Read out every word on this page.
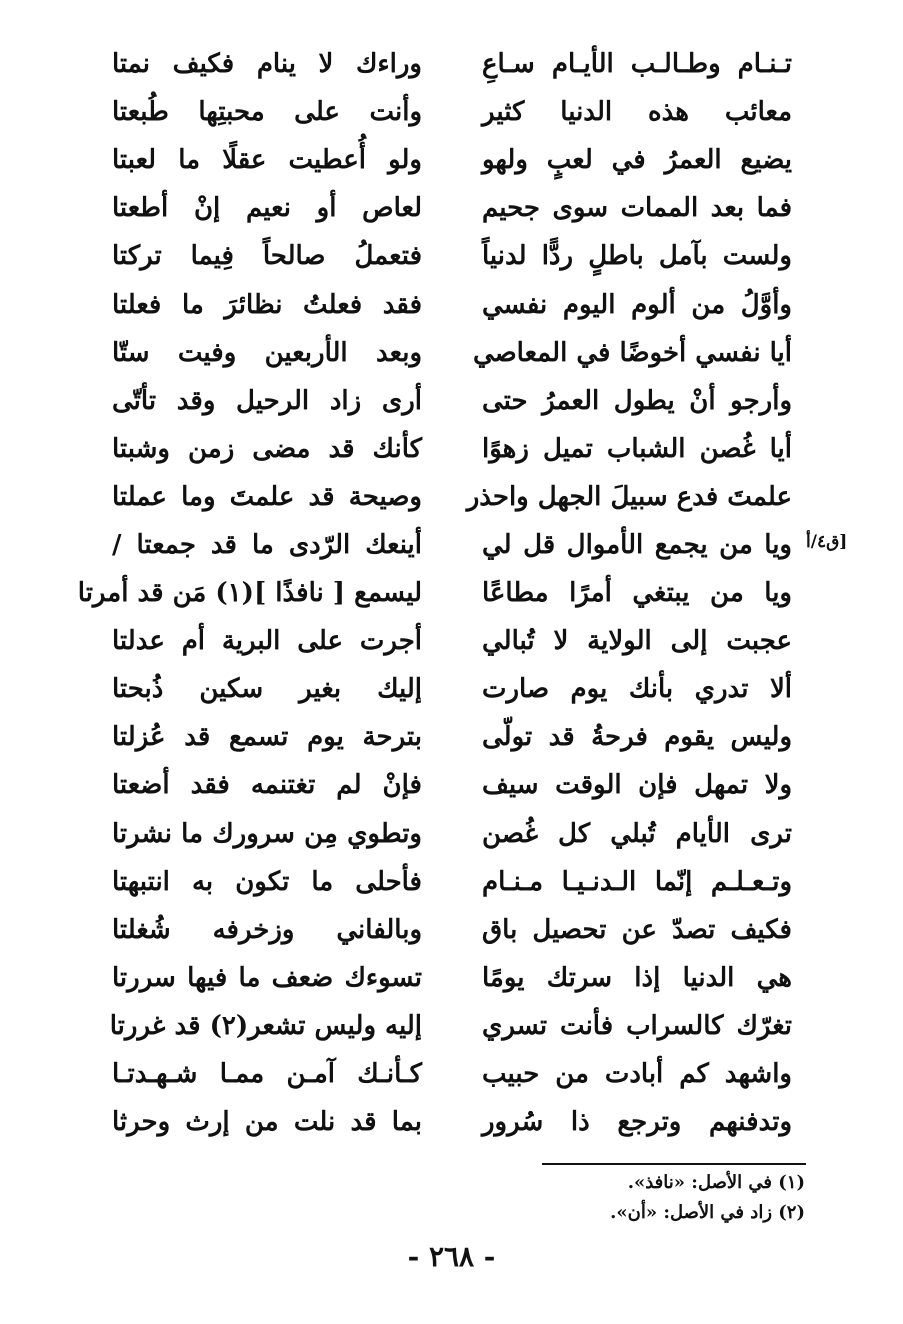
[ق٤/أ
تـنـام وطـالـب الأيـام سـاعِ
وراءك لا ينام فكيف نمتا
معائب هذه الدنيا كثير
وأنت على محبتِها طُبعتا
يضيع العمرُ في لعبٍ ولهو
ولو أُعطيت عقلًا ما لعبتا
فما بعد الممات سوى جحيم
لعاص أو نعيم إنْ أطعتا
ولست بآمل باطلٍ ردًّا لدنياً
فتعملُ صالحاً فِيما تركتا
وأوَّلُ من ألوم اليوم نفسي
فقد فعلتُ نظائرَ ما فعلتا
أيا نفسي أخوضًا في المعاصي
وبعد الأربعين وفيت ستّا
وأرجو أنْ يطول العمرُ حتى
أرى زاد الرحيل وقد تأتّى
أيا غُصن الشباب تميل زهوًا
كأنك قد مضى زمن وشبتا
علمتَ فدع سبيلَ الجهل واحذر
وصيحة قد علمتَ وما عملتا
ويا من يجمع الأموال قل لي
أينعك الرّدى ما قد جمعتا /
ويا من يبتغي أمرًا مطاعًا
ليسمع [ نافذًا ](١) مَن قد أمرتا
عجبت إلى الولاية لا تُبالي
أجرت على البرية أم عدلتا
ألا تدري بأنك يوم صارت
إليك بغير سكين ذُبحتا
وليس يقوم فرحةُ قد تولّى
بترحة يوم تسمع قد عُزلتا
ولا تمهل فإن الوقت سيف
فإنْ لم تغتنمه فقد أضعتا
ترى الأيام تُبلي كل غُصن
وتطوي مِن سرورك ما نشرتا
وتـعـلـم إنّما الـدنـيـا مـنـام
فأحلى ما تكون به انتبهتا
فكيف تصدّ عن تحصيل باق
وبالفاني وزخرفه شُغلتا
هي الدنيا إذا سرتك يومًا
تسوءك ضعف ما فيها سررتا
تغرّك كالسراب فأنت تسري
إليه وليس تشعر(٢) قد غررتا
واشهد كم أبادت من حبيب
كـأنـك آمـن ممـا شـهـدتـا
وتدفنهم وترجع ذا سُرور
بما قد نلت من إرث وحرثا
(١) في الأصل: «نافذ».
(٢) زاد في الأصل: «أن».
- ٢٦٨ -
